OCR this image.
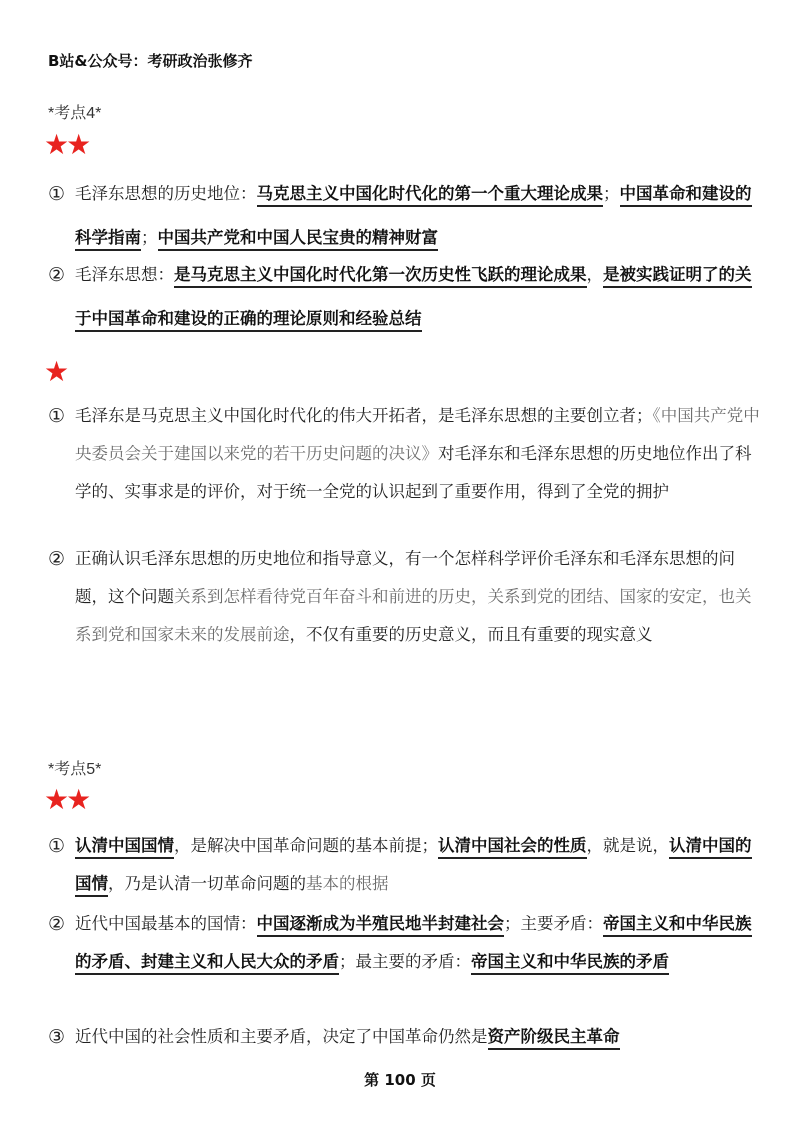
B站&公众号：考研政治张修齐
*考点4*
★★
① 毛泽东思想的历史地位：马克思主义中国化时代化的第一个重大理论成果；中国革命和建设的科学指南；中国共产党和中国人民宝贵的精神财富
② 毛泽东思想：是马克思主义中国化时代化第一次历史性飞跃的理论成果，是被实践证明了的关于中国革命和建设的正确的理论原则和经验总结
★
① 毛泽东是马克思主义中国化时代化的伟大开拓者，是毛泽东思想的主要创立者；《中国共产党中央委员会关于建国以来党的若干历史问题的决议》对毛泽东和毛泽东思想的历史地位作出了科学的、实事求是的评价，对于统一全党的认识起到了重要作用，得到了全党的拥护
② 正确认识毛泽东思想的历史地位和指导意义，有一个怎样科学评价毛泽东和毛泽东思想的问题，这个问题关系到怎样看待党百年奋斗和前进的历史，关系到党的团结、国家的安定，也关系到党和国家未来的发展前途，不仅有重要的历史意义，而且有重要的现实意义
*考点5*
★★
① 认清中国国情，是解决中国革命问题的基本前提；认清中国社会的性质，就是说，认清中国的国情，乃是认清一切革命问题的基本的根据
② 近代中国最基本的国情：中国逐渐成为半殖民地半封建社会；主要矛盾：帝国主义和中华民族的矛盾、封建主义和人民大众的矛盾；最主要的矛盾：帝国主义和中华民族的矛盾
③ 近代中国的社会性质和主要矛盾，决定了中国革命仍然是资产阶级民主革命
第 100 页
